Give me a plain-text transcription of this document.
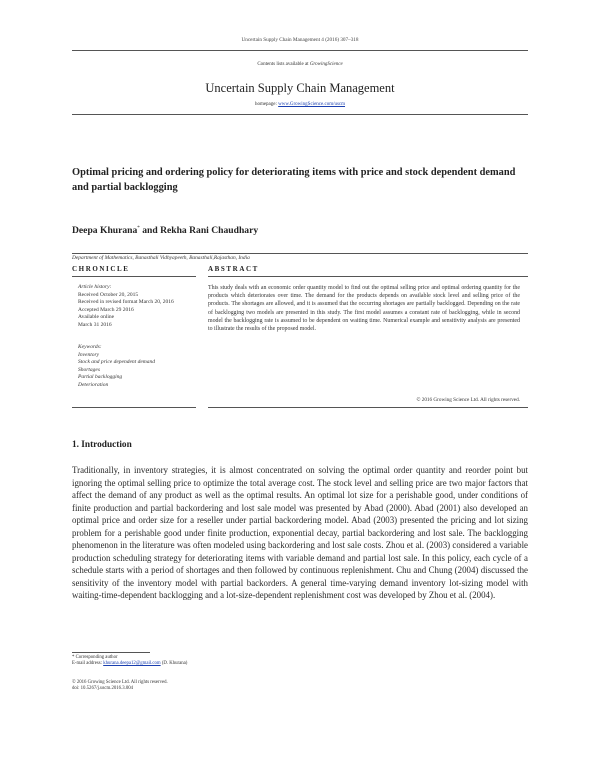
Uncertain Supply Chain Management 4 (2016) 307–318
Contents lists available at GrowingScience
Uncertain Supply Chain Management
homepage: www.GrowingScience.com/uscm
Optimal pricing and ordering policy for deteriorating items with price and stock dependent demand and partial backlogging
Deepa Khurana* and Rekha Rani Chaudhary
Department of Mathematics, Banasthali Vidhyapeeth, Banasthali,Rajasthan, India
CHRONICLE	ABSTRACT
Article history:
Received October 20, 2015
Received in revised format March 20, 2016
Accepted March 29 2016
Available online
March 31 2016
Keywords:
Inventory
Stock and price dependent demand
Shortages
Partial backlogging
Deterioration
This study deals with an economic order quantity model to find out the optimal selling price and optimal ordering quantity for the products which deteriorates over time. The demand for the products depends on available stock level and selling price of the products. The shortages are allowed, and it is assumed that the occurring shortages are partially backlogged. Depending on the rate of backlogging two models are presented in this study. The first model assumes a constant rate of backlogging, while in second model the backlogging rate is assumed to be dependent on waiting time. Numerical example and sensitivity analysis are presented to illustrate the results of the proposed model.
© 2016 Growing Science Ltd. All rights reserved.
1. Introduction
Traditionally, in inventory strategies, it is almost concentrated on solving the optimal order quantity and reorder point but ignoring the optimal selling price to optimize the total average cost. The stock level and selling price are two major factors that affect the demand of any product as well as the optimal results. An optimal lot size for a perishable good, under conditions of finite production and partial backordering and lost sale model was presented by Abad (2000). Abad (2001) also developed an optimal price and order size for a reseller under partial backordering model. Abad (2003) presented the pricing and lot sizing problem for a perishable good under finite production, exponential decay, partial backordering and lost sale. The backlogging phenomenon in the literature was often modeled using backordering and lost sale costs. Zhou et al. (2003) considered a variable production scheduling strategy for deteriorating items with variable demand and partial lost sale. In this policy, each cycle of a schedule starts with a period of shortages and then followed by continuous replenishment. Chu and Chung (2004) discussed the sensitivity of the inventory model with partial backorders. A general time-varying demand inventory lot-sizing model with waiting-time-dependent backlogging and a lot-size-dependent replenishment cost was developed by Zhou et al. (2004).
* Corresponding author
E-mail address: khurana.deepa12@gmail.com (D. Khurana)
© 2016 Growing Science Ltd. All rights reserved.
doi: 10.5267/j.uscm.2016.3.004
